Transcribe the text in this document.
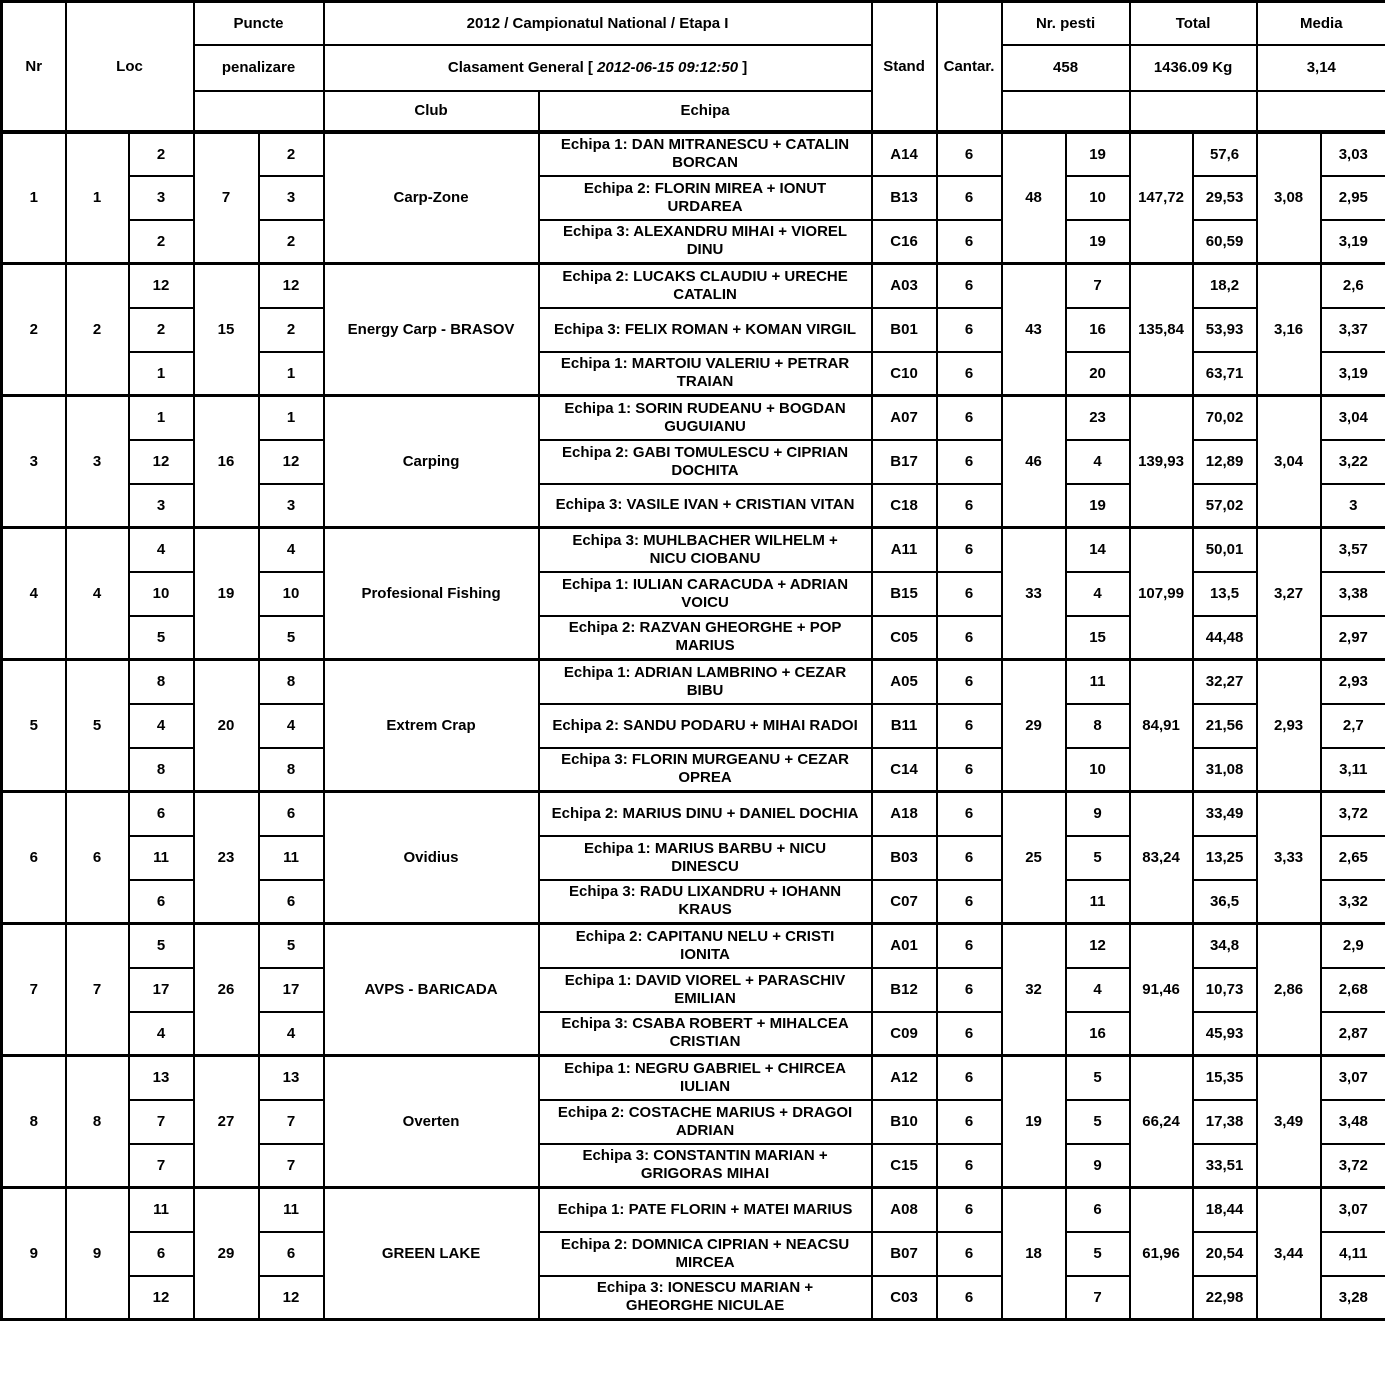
Nr	Loc		Puncte		2012 / Campionatul National / Etapa I		Stand	Cantar.	Nr. pesti		Total		Media	
			penalizare		Clasament General [ 2012-06-15 09:12:50 ]				458		1436.09 Kg		3,14	
					Club	Echipa								
1	1	2	7	2	Carp-Zone	Echipa 1: DAN MITRANESCU + CATALIN
BORCAN	A14	6	48	19	147,72	57,6	3,08	3,03
		3		3		Echipa 2: FLORIN MIREA + IONUT
URDAREA	B13	6		10		29,53		2,95
		2		2		Echipa 3: ALEXANDRU MIHAI + VIOREL
DINU	C16	6		19		60,59		3,19
2	2	12	15	12	Energy Carp - BRASOV	Echipa 2: LUCAKS CLAUDIU + URECHE
CATALIN	A03	6	43	7	135,84	18,2	3,16	2,6
		2		2		Echipa 3: FELIX ROMAN + KOMAN VIRGIL	B01	6		16		53,93		3,37
		1		1		Echipa 1: MARTOIU VALERIU + PETRAR
TRAIAN	C10	6		20		63,71		3,19
3	3	1	16	1	Carping	Echipa 1: SORIN RUDEANU + BOGDAN
GUGUIANU	A07	6	46	23	139,93	70,02	3,04	3,04
		12		12		Echipa 2: GABI TOMULESCU + CIPRIAN
DOCHITA	B17	6		4		12,89		3,22
		3		3		Echipa 3: VASILE IVAN + CRISTIAN VITAN	C18	6		19		57,02		3
4	4	4	19	4	Profesional Fishing	Echipa 3: MUHLBACHER WILHELM +
NICU CIOBANU	A11	6	33	14	107,99	50,01	3,27	3,57
		10		10		Echipa 1: IULIAN CARACUDA + ADRIAN
VOICU	B15	6		4		13,5		3,38
		5		5		Echipa 2: RAZVAN GHEORGHE + POP
MARIUS	C05	6		15		44,48		2,97
5	5	8	20	8	Extrem Crap	Echipa 1: ADRIAN LAMBRINO + CEZAR
BIBU	A05	6	29	11	84,91	32,27	2,93	2,93
		4		4		Echipa 2: SANDU PODARU + MIHAI RADOI	B11	6		8		21,56		2,7
		8		8		Echipa 3: FLORIN MURGEANU + CEZAR
OPREA	C14	6		10		31,08		3,11
6	6	6	23	6	Ovidius	Echipa 2: MARIUS DINU + DANIEL DOCHIA	A18	6	25	9	83,24	33,49	3,33	3,72
		11		11		Echipa 1: MARIUS BARBU + NICU
DINESCU	B03	6		5		13,25		2,65
		6		6		Echipa 3: RADU LIXANDRU + IOHANN
KRAUS	C07	6		11		36,5		3,32
7	7	5	26	5	AVPS - BARICADA	Echipa 2: CAPITANU NELU + CRISTI
IONITA	A01	6	32	12	91,46	34,8	2,86	2,9
		17		17		Echipa 1: DAVID VIOREL + PARASCHIV
EMILIAN	B12	6		4		10,73		2,68
		4		4		Echipa 3: CSABA ROBERT + MIHALCEA
CRISTIAN	C09	6		16		45,93		2,87
8	8	13	27	13	Overten	Echipa 1: NEGRU GABRIEL + CHIRCEA
IULIAN	A12	6	19	5	66,24	15,35	3,49	3,07
		7		7		Echipa 2: COSTACHE MARIUS + DRAGOI
ADRIAN	B10	6		5		17,38		3,48
		7		7		Echipa 3: CONSTANTIN MARIAN +
GRIGORAS MIHAI	C15	6		9		33,51		3,72
9	9	11	29	11	GREEN LAKE	Echipa 1: PATE FLORIN + MATEI MARIUS	A08	6	18	6	61,96	18,44	3,44	3,07
		6		6		Echipa 2: DOMNICA CIPRIAN + NEACSU
MIRCEA	B07	6		5		20,54		4,11
		12		12		Echipa 3: IONESCU MARIAN +
GHEORGHE NICULAE	C03	6		7		22,98		3,28
